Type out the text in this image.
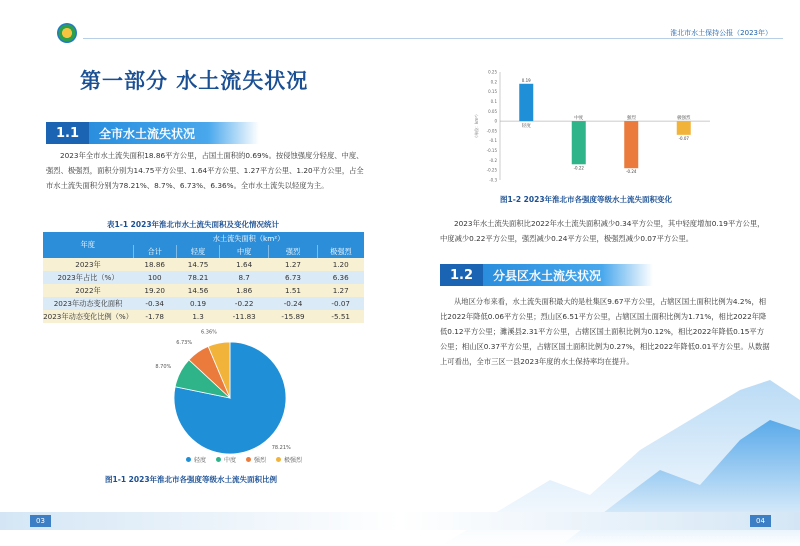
淮北市水土保持公报（2023年）
第一部分 水土流失状况
1.1	全市水土流失状况
2023年全市水土流失面积18.86平方公里，占国土面积的0.69%。按侵蚀强度分轻度、中度、强烈、极强烈，面积分别为14.75平方公里、1.64平方公里、1.27平方公里、1.20平方公里，占全市水土流失面积分别为78.21%、8.7%、6.73%、6.36%。全市水土流失以轻度为主。
表1-1 2023年淮北市水土流失面积及变化情况统计
年度	水土流失面积（km²）				
	合计	轻度	中度	强烈	极强烈
2023年	18.86	14.75	1.64	1.27	1.20
2023年占比（%）	100	78.21	8.7	6.73	6.36
2022年	19.20	14.56	1.86	1.51	1.27
2023年动态变化面积	-0.34	0.19	-0.22	-0.24	-0.07
2023年动态变化比例（%）	-1.78	1.3	-11.83	-15.89	-5.51
78.21%
8.70%
6.73%
6.36%
轻度	中度	强烈	极强烈
图1-1 2023年淮北市各强度等级水土流失面积比例
0.25
0.2
0.15
0.1
0.05
0
-0.05
-0.1
-0.15
-0.2
-0.25
-0.3
（单位：km²）
0.19
轻度
-0.22
中度
-0.24
强烈
-0.07
极强烈
图1-2 2023年淮北市各强度等级水土流失面积变化
2023年水土流失面积比2022年水土流失面积减少0.34平方公里，其中轻度增加0.19平方公里，中度减少0.22平方公里，强烈减少0.24平方公里，极强烈减少0.07平方公里。
1.2	分县区水土流失状况
从地区分布来看，水土流失面积最大的是杜集区9.67平方公里，占辖区国土面积比例为4.2%，相比2022年降低0.06平方公里；烈山区6.51平方公里，占辖区国土面积比例为1.71%，相比2022年降低0.12平方公里；濉溪县2.31平方公里，占辖区国土面积比例为0.12%，相比2022年降低0.15平方公里；相山区0.37平方公里，占辖区国土面积比例为0.27%，相比2022年降低0.01平方公里。从数据上可看出，全市三区一县2023年度的水土保持率均在提升。
03	04
